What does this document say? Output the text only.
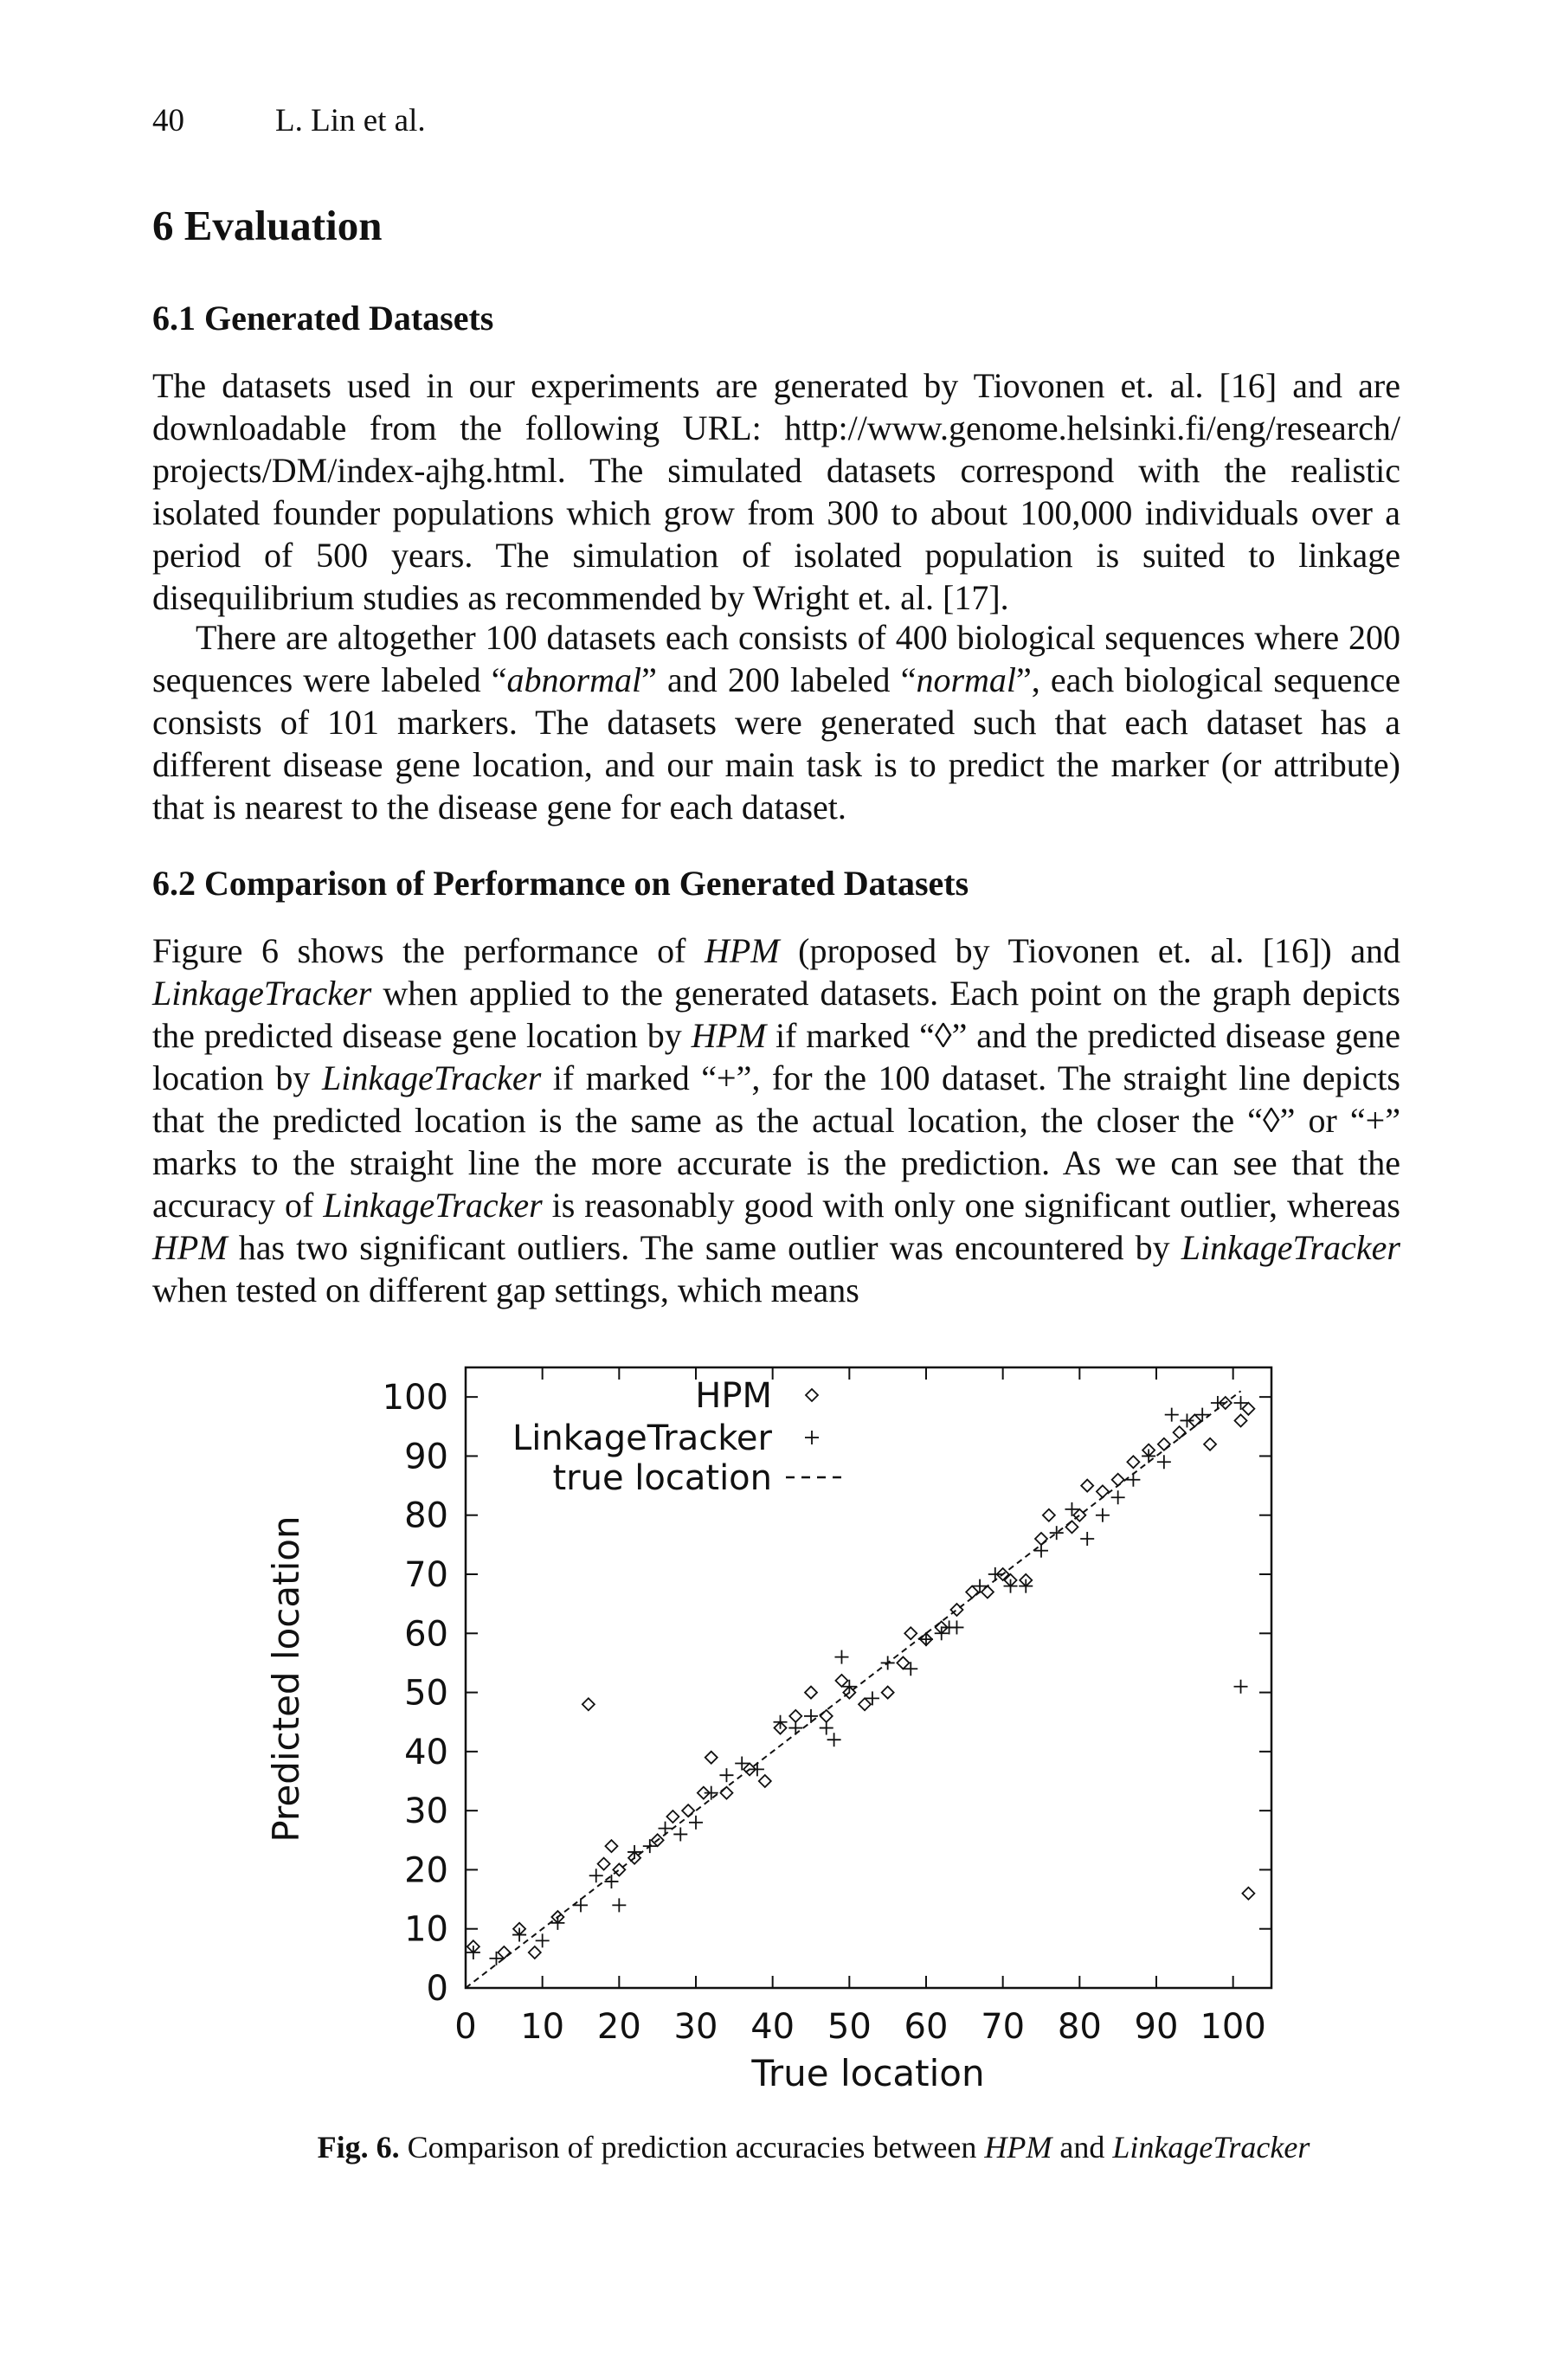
40	L. Lin et al.
6 Evaluation
6.1 Generated Datasets

The datasets used in our experiments are generated by Tiovonen et. al. [16] and are downloadable from the following URL: http://www.genome.helsinki.fi/eng/research/ projects/DM/index-ajhg.html. The simulated datasets correspond with the realistic isolated founder populations which grow from 300 to about 100,000 individuals over a period of 500 years. The simulation of isolated population is suited to linkage disequilibrium studies as recommended by Wright et. al. [17].

There are altogether 100 datasets each consists of 400 biological sequences where 200 sequences were labeled “abnormal” and 200 labeled “normal”, each biological sequence consists of 101 markers. The datasets were generated such that each dataset has a different disease gene location, and our main task is to predict the marker (or attribute) that is nearest to the disease gene for each dataset.

6.2 Comparison of Performance on Generated Datasets

Figure 6 shows the performance of HPM (proposed by Tiovonen et. al. [16]) and LinkageTracker when applied to the generated datasets. Each point on the graph depicts the predicted disease gene location by HPM if marked “◊” and the predicted disease gene location by LinkageTracker if marked “+”, for the 100 dataset. The straight line depicts that the predicted location is the same as the actual location, the closer the “◊” or “+” marks to the straight line the more accurate is the prediction. As we can see that the accuracy of LinkageTracker is reasonably good with only one significant outlier, whereas HPM has two significant outliers. The same outlier was encountered by LinkageTracker when tested on different gap settings, which means

0 10 20 30 40 50 60 70 80 90 100
0
10
20
30
40
50
60
70
80
90
100
Predicted location
True location
HPM
LinkageTracker
true location
Fig. 6. Comparison of prediction accuracies between HPM and LinkageTracker
